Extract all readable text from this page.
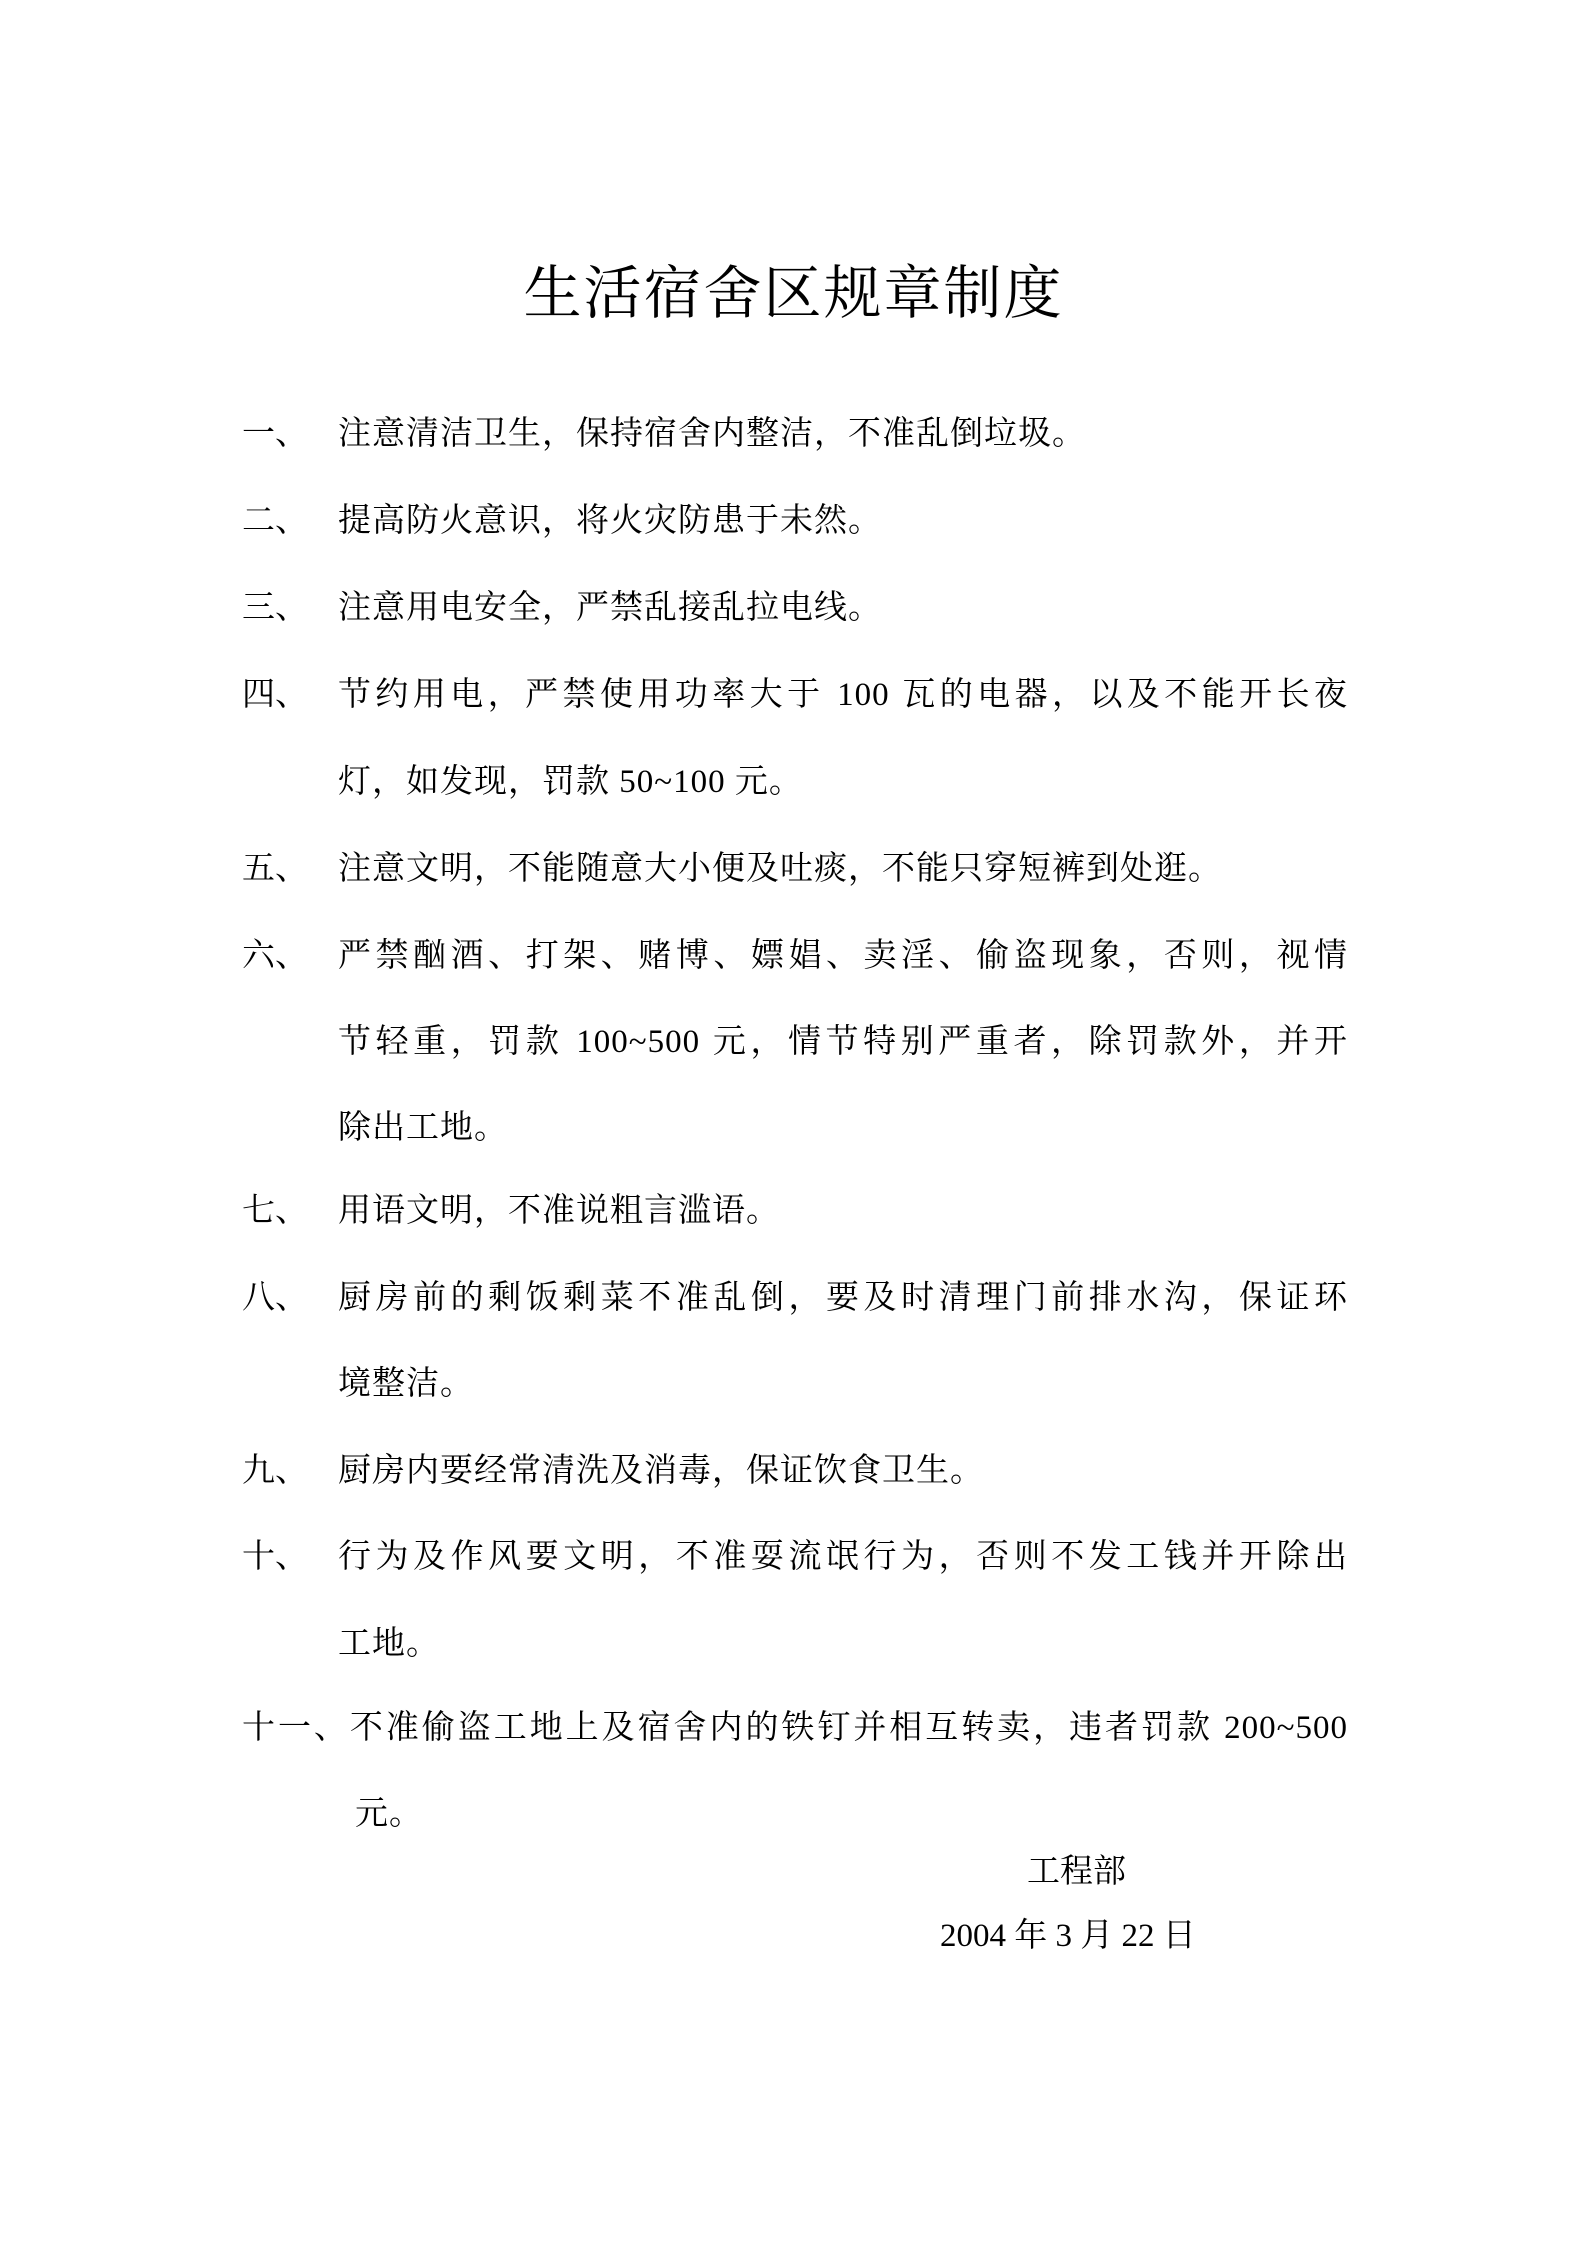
生活宿舍区规章制度
一、 注意清洁卫生，保持宿舍内整洁，不准乱倒垃圾。
二、 提高防火意识，将火灾防患于未然。
三、 注意用电安全，严禁乱接乱拉电线。
四、 节约用电，严禁使用功率大于 100 瓦的电器，以及不能开长夜
灯，如发现，罚款 50~100 元。
五、 注意文明，不能随意大小便及吐痰，不能只穿短裤到处逛。
六、 严禁酗酒、打架、赌博、嫖娼、卖淫、偷盗现象，否则，视情
节轻重，罚款 100~500 元，情节特别严重者，除罚款外，并开
除出工地。
七、 用语文明，不准说粗言滥语。
八、 厨房前的剩饭剩菜不准乱倒，要及时清理门前排水沟，保证环
境整洁。
九、 厨房内要经常清洗及消毒，保证饮食卫生。
十、 行为及作风要文明，不准耍流氓行为，否则不发工钱并开除出
工地。
十一、不准偷盗工地上及宿舍内的铁钉并相互转卖，违者罚款 200~500
元。
工程部
2004 年 3 月 22 日
